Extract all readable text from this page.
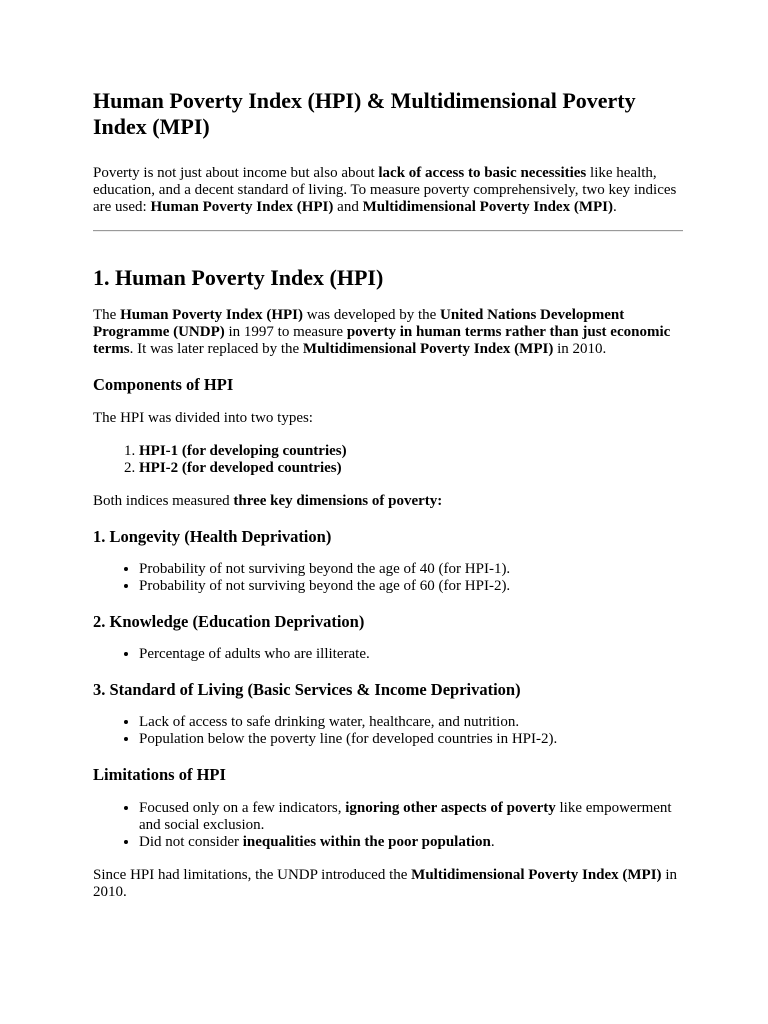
Human Poverty Index (HPI) & Multidimensional Poverty Index (MPI)

Poverty is not just about income but also about lack of access to basic necessities like health, education, and a decent standard of living. To measure poverty comprehensively, two key indices are used: Human Poverty Index (HPI) and Multidimensional Poverty Index (MPI).

1. Human Poverty Index (HPI)

The Human Poverty Index (HPI) was developed by the United Nations Development Programme (UNDP) in 1997 to measure poverty in human terms rather than just economic terms. It was later replaced by the Multidimensional Poverty Index (MPI) in 2010.

Components of HPI

The HPI was divided into two types:

1. HPI-1 (for developing countries)
2. HPI-2 (for developed countries)

Both indices measured three key dimensions of poverty:

1. Longevity (Health Deprivation)
• Probability of not surviving beyond the age of 40 (for HPI-1).
• Probability of not surviving beyond the age of 60 (for HPI-2).
2. Knowledge (Education Deprivation)
• Percentage of adults who are illiterate.
3. Standard of Living (Basic Services & Income Deprivation)
• Lack of access to safe drinking water, healthcare, and nutrition.
• Population below the poverty line (for developed countries in HPI-2).
Limitations of HPI
• Focused only on a few indicators, ignoring other aspects of poverty like empowerment and social exclusion.
• Did not consider inequalities within the poor population.

Since HPI had limitations, the UNDP introduced the Multidimensional Poverty Index (MPI) in 2010.
